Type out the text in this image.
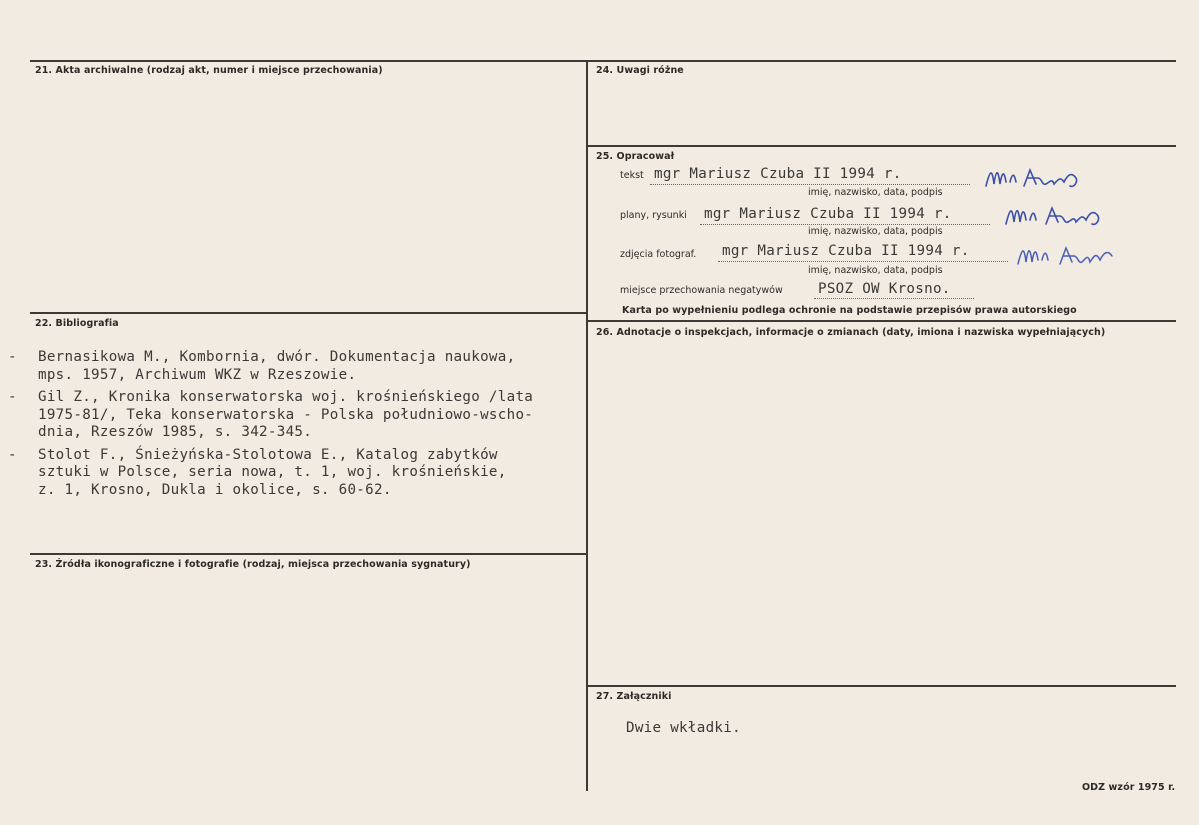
21. Akta archiwalne (rodzaj akt, numer i miejsce przechowania)
22. Bibliografia
23. Źródła ikonograficzne i fotografie (rodzaj, miejsca przechowania sygnatury)
24. Uwagi różne
25. Opracował
26. Adnotacje o inspekcjach, informacje o zmianach (daty, imiona i nazwiska wypełniających)
27. Załączniki
tekst mgr Mariusz Czuba II 1994 r.
imię, nazwisko, data, podpis
plany, rysunki mgr Mariusz Czuba II 1994 r.
imię, nazwisko, data, podpis
zdjęcia fotograf. mgr Mariusz Czuba II 1994 r.
imię, nazwisko, data, podpis
miejsce przechowania negatywów PSOZ OW Krosno.
Karta po wypełnieniu podlega ochronie na podstawie przepisów prawa autorskiego
- Bernasikowa M., Kombornia, dwór. Dokumentacja naukowa,
mps. 1957, Archiwum WKZ w Rzeszowie.
- Gil Z., Kronika konserwatorska woj. krośnieńskiego /lata
1975-81/, Teka konserwatorska - Polska południowo-wscho-
dnia, Rzeszów 1985, s. 342-345.
- Stolot F., Śnieżyńska-Stolotowa E., Katalog zabytków
sztuki w Polsce, seria nowa, t. 1, woj. krośnieńskie,
z. 1, Krosno, Dukla i okolice, s. 60-62.
Dwie wkładki.
ODZ wzór 1975 r.
